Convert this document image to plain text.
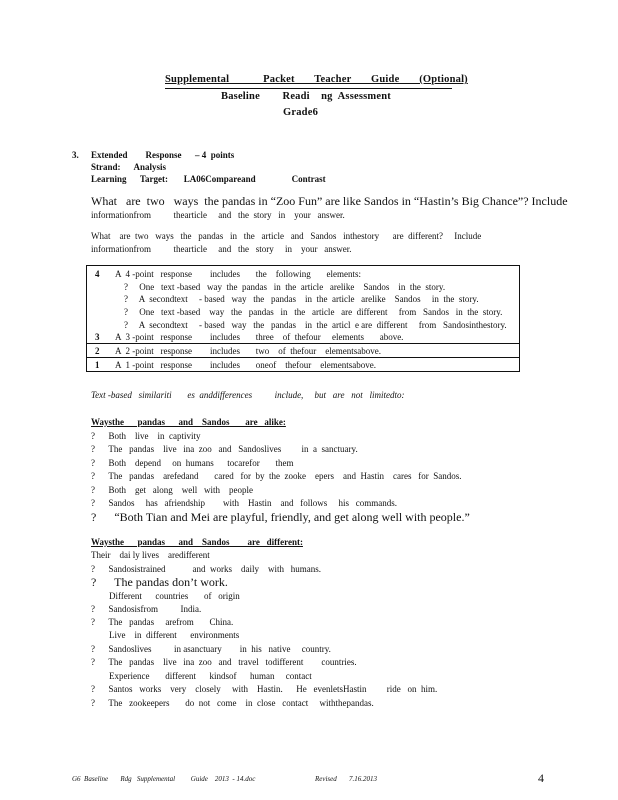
Supplemental            Packet       Teacher       Guide       (Optional)
Baseline        Readi    ng  Assessment
Grade6
3. Extended        Response      – 4  points
Strand:      Analysis
Learning      Target:       LA06Compareand                Contrast
What   are  two   ways  the pandas in “Zoo Fun” are like Sandos in “Hastin’s Big Chance”? Include
informationfrom          thearticle     and   the  story   in    your   answer.
What    are  two   ways   the   pandas   in   the   article   and   Sandos   inthestory      are  different?     Include
informationfrom          thearticle     and   the   story     in    your   answer.
4 A  4 -point   response        includes       the    following       elements:
?     One   text -based   way  the  pandas   in  the  article   arelike    Sandos    in  the  story.
?     A  secondtext     - based   way   the   pandas    in  the  article   arelike    Sandos     in  the  story.
?     One   text -based    way   the   pandas   in   the   article   are  different     from   Sandos   in  the  story.
?     A  secondtext     - based   way   the   pandas    in  the  articl  e are  different     from   Sandosinthestory.
3 A  3 -point   response        includes       three    of  thefour     elements       above.
2 A  2 -point   response        includes       two    of  thefour    elementsabove.
1 A  1 -point   response        includes       oneof    thefour    elementsabove.
Text -based   similariti       es  anddifferences          include,     but   are   not   limitedto:
Waysthe      pandas      and    Sandos       are   alike:
?      Both    live    in  captivity
?      The   pandas    live   ina  zoo   and   Sandoslives         in  a  sanctuary.
?      Both    depend     on  humans      tocarefor       them
?      The   pandas    arefedand       cared   for  by  the  zooke    epers    and  Hastin    cares   for  Sandos.
?      Both    get   along    well   with    people
?      Sandos     has   afriendship        with    Hastin    and   follows     his   commands.
?      “Both Tian and Mei are playful, friendly, and get along well with people.”
Waysthe      pandas      and    Sandos        are   different:
Their    dai ly lives    aredifferent
?      Sandosistrained            and  works    daily    with   humans.
?      The pandas don’t work.
Different      countries       of   origin
?      Sandosisfrom          India.
?      The   pandas     arefrom       China.
Live    in  different      environments
?      Sandoslives          in asanctuary        in  his   native     country.
?      The   pandas    live   ina  zoo   and   travel   todifferent        countries.
Experience       different      kindsof      human     contact
?      Santos   works    very    closely     with    Hastin.      He   evenletsHastin         ride   on  him.
?      The   zookeepers       do  not   come    in  close   contact     withthepandas.
G6  Baseline       Rdg   Supplemental         Guide    2013  - 14.doc	Revised       7.16.2013	4
